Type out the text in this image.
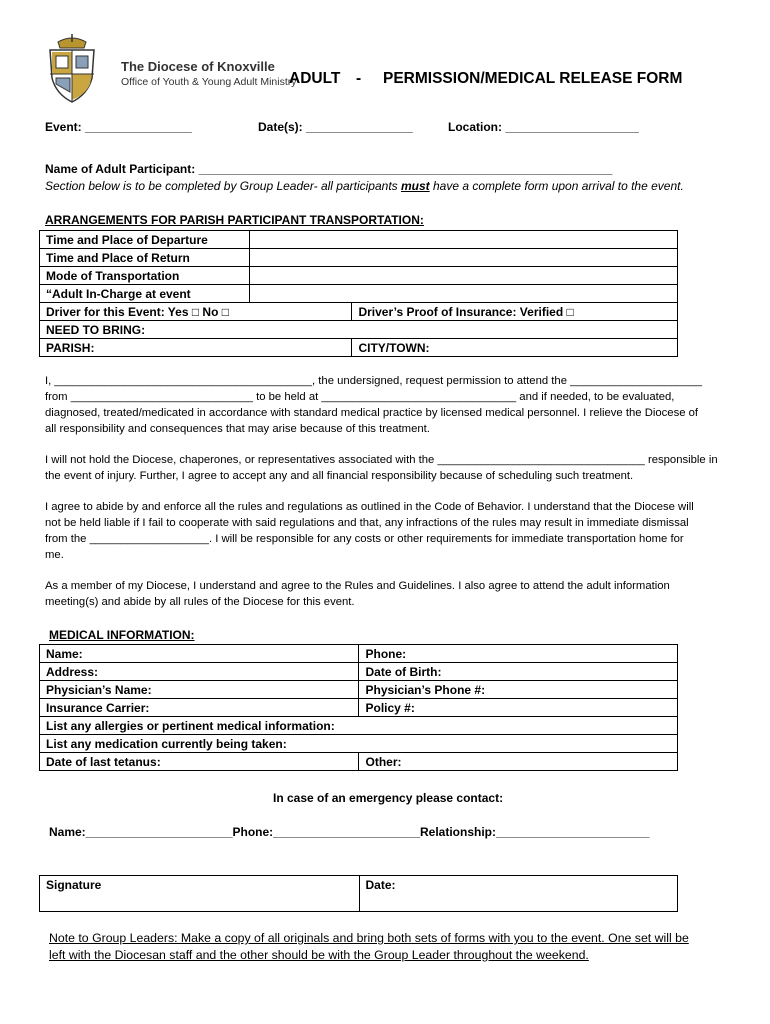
The Diocese of Knoxville
Office of Youth & Young Adult Ministry
ADULT - PERMISSION/MEDICAL RELEASE FORM
Event: ________________	Date(s): ________________	Location: ____________________
Name of Adult Participant: ______________________________________________________________
Section below is to be completed by Group Leader- all participants must have a complete form upon arrival to the event.
ARRANGEMENTS FOR PARISH PARTICIPANT TRANSPORTATION:
Time and Place of Departure		
Time and Place of Return		
Mode of Transportation		
“Adult In-Charge at event		
Driver for this Event: Yes □ No □		Driver’s Proof of Insurance: Verified □
NEED TO BRING:		
PARISH:		CITY/TOWN:
I, _________________________________________, the undersigned, request permission to attend the _____________________
from _____________________________ to be held at _______________________________ and if needed, to be evaluated,
diagnosed, treated/medicated in accordance with standard medical practice by licensed medical personnel. I relieve the Diocese of
all responsibility and consequences that may arise because of this treatment.
I will not hold the Diocese, chaperones, or representatives associated with the _________________________________ responsible in
the event of injury. Further, I agree to accept any and all financial responsibility because of scheduling such treatment.
I agree to abide by and enforce all the rules and regulations as outlined in the Code of Behavior. I understand that the Diocese will
not be held liable if I fail to cooperate with said regulations and that, any infractions of the rules may result in immediate dismissal
from the ___________________. I will be responsible for any costs or other requirements for immediate transportation home for
me.
As a member of my Diocese, I understand and agree to the Rules and Guidelines. I also agree to attend the adult information
meeting(s) and abide by all rules of the Diocese for this event.
MEDICAL INFORMATION:
Name:	Phone:
Address:	Date of Birth:
Physician’s Name:	Physician’s Phone #:
Insurance Carrier:	Policy #:
List any allergies or pertinent medical information:	
List any medication currently being taken:	
Date of last tetanus:	Other:
In case of an emergency please contact:
Name:______________________Phone:______________________Relationship:_______________________
Signature	Date:
Note to Group Leaders: Make a copy of all originals and bring both sets of forms with you to the event. One set will be
left with the Diocesan staff and the other should be with the Group Leader throughout the weekend.
